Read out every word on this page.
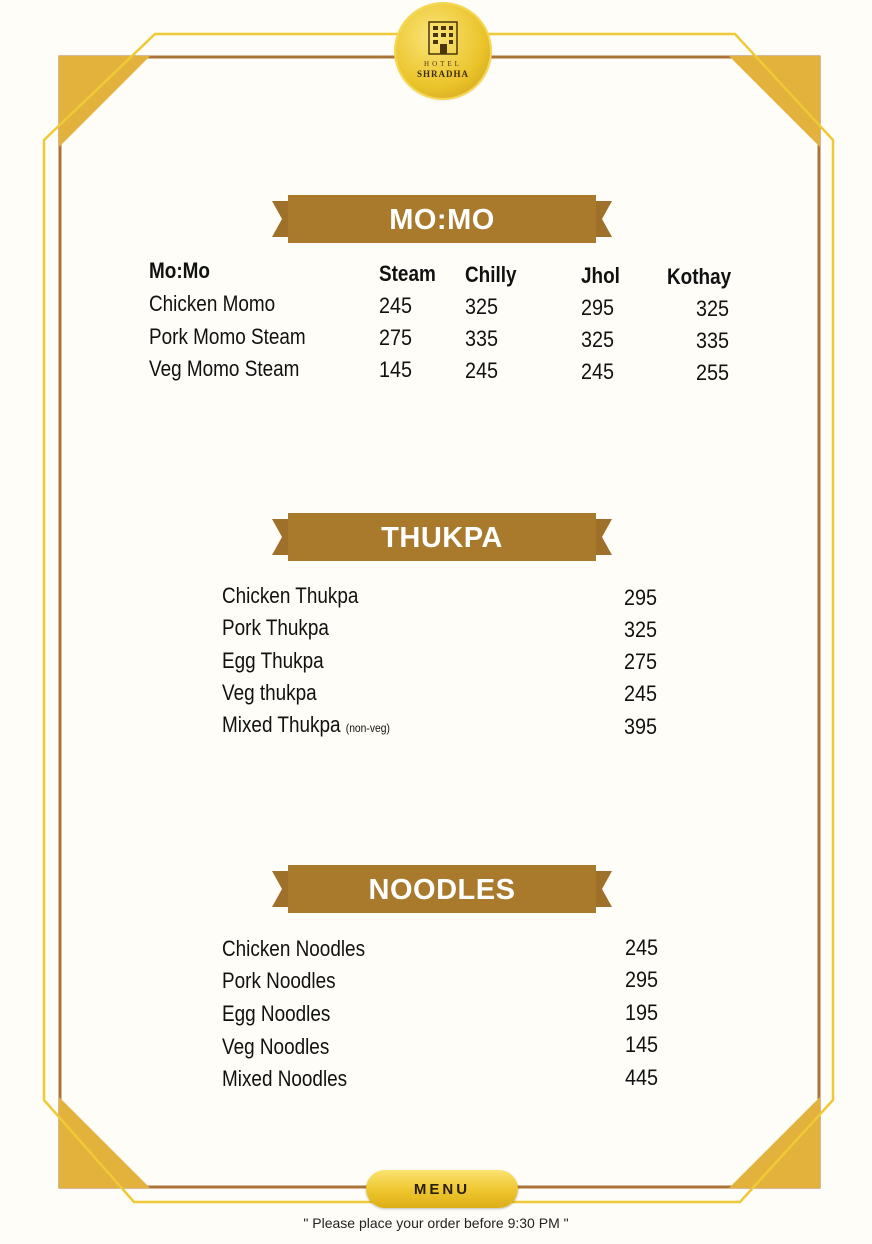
HOTEL
SHRADHA
MO:MO
Mo:Mo	Steam Chilly	Jhol Kothay
Chicken Momo	245 325	295	325
Pork Momo Steam	275 335	325	335
Veg Momo Steam	145 245	245	255
THUKPA
Chicken Thukpa	295
Pork Thukpa	325
Egg Thukpa	275
Veg thukpa	245
Mixed Thukpa (non-veg)	395
NOODLES
Chicken Noodles	245
Pork Noodles	295
Egg Noodles	195
Veg Noodles	145
Mixed Noodles	445
MENU
" Please place your order before 9:30 PM "
